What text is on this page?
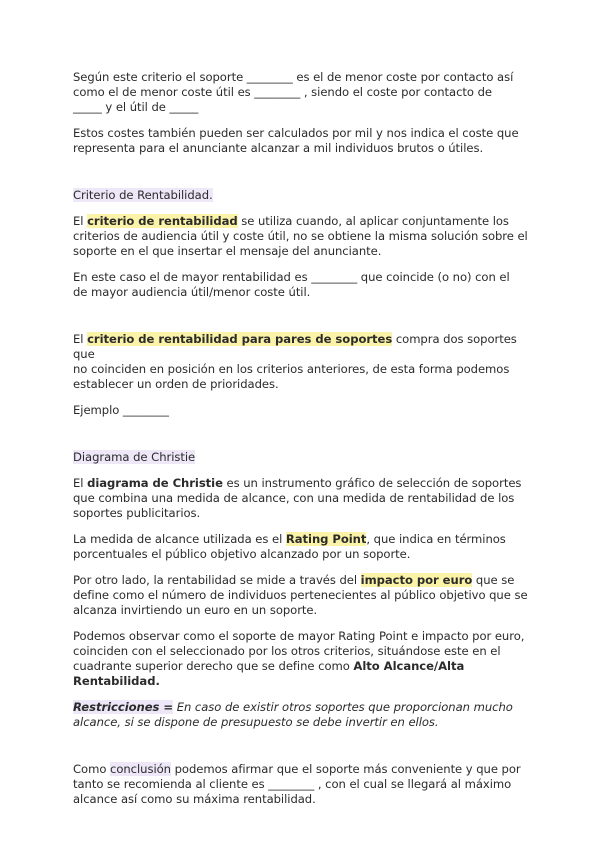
Según este criterio el soporte ________ es el de menor coste por contacto así
como el de menor coste útil es ________ , siendo el coste por contacto de
_____ y el útil de _____

Estos costes también pueden ser calculados por mil y nos indica el coste que
representa para el anunciante alcanzar a mil individuos brutos o útiles.

Criterio de Rentabilidad.

El criterio de rentabilidad se utiliza cuando, al aplicar conjuntamente los
criterios de audiencia útil y coste útil, no se obtiene la misma solución sobre el
soporte en el que insertar el mensaje del anunciante.

En este caso el de mayor rentabilidad es ________ que coincide (o no) con el
de mayor audiencia útil/menor coste útil.

El criterio de rentabilidad para pares de soportes compra dos soportes que
no coinciden en posición en los criterios anteriores, de esta forma podemos
establecer un orden de prioridades.

Ejemplo ________

Diagrama de Christie

El diagrama de Christie es un instrumento gráfico de selección de soportes
que combina una medida de alcance, con una medida de rentabilidad de los
soportes publicitarios.

La medida de alcance utilizada es el Rating Point, que indica en términos
porcentuales el público objetivo alcanzado por un soporte.

Por otro lado, la rentabilidad se mide a través del impacto por euro que se
define como el número de individuos pertenecientes al público objetivo que se
alcanza invirtiendo un euro en un soporte.

Podemos observar como el soporte de mayor Rating Point e impacto por euro,
coinciden con el seleccionado por los otros criterios, situándose este en el
cuadrante superior derecho que se define como Alto Alcance/Alta
Rentabilidad.

Restricciones = En caso de existir otros soportes que proporcionan mucho
alcance, si se dispone de presupuesto se debe invertir en ellos.

Como conclusión podemos afirmar que el soporte más conveniente y que por
tanto se recomienda al cliente es ________ , con el cual se llegará al máximo
alcance así como su máxima rentabilidad.
